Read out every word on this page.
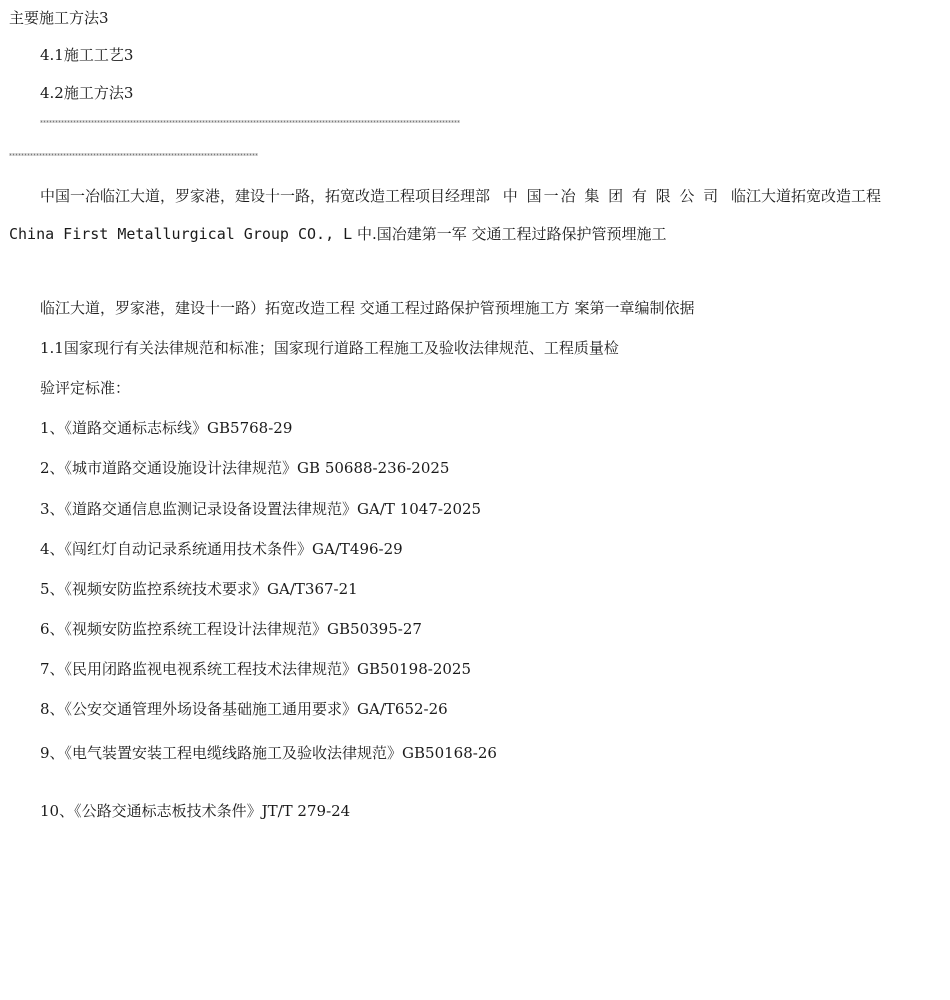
主要施工方法3
4.1施工工艺3
4.2施工方法3
********************************************************************************************************************************************
***********************************************************************************
中国一冶临江大道，罗家港，建设十一路，拓宽改造工程项目经理部 中 国一冶 集 团 有 限 公 司 临江大道拓宽改造工程
China First Metallurgical Group CO., L 中.国冶建第一军 交通工程过路保护管预埋施工
临江大道，罗家港，建设十一路）拓宽改造工程 交通工程过路保护管预埋施工方 案第一章编制依据
1.1国家现行有关法律规范和标准；国家现行道路工程施工及验收法律规范、工程质量检
验评定标准：
1、《道路交通标志标线》GB5768-29
2、《城市道路交通设施设计法律规范》GB 50688-236-2025
3、《道路交通信息监测记录设备设置法律规范》GA/T 1047-2025
4、《闯红灯自动记录系统通用技术条件》GA/T496-29
5、《视频安防监控系统技术要求》GA/T367-21
6、《视频安防监控系统工程设计法律规范》GB50395-27
7、《民用闭路监视电视系统工程技术法律规范》GB50198-2025
8、《公安交通管理外场设备基础施工通用要求》GA/T652-26
9、《电气装置安装工程电缆线路施工及验收法律规范》GB50168-26
10、《公路交通标志板技术条件》JT/T 279-24
